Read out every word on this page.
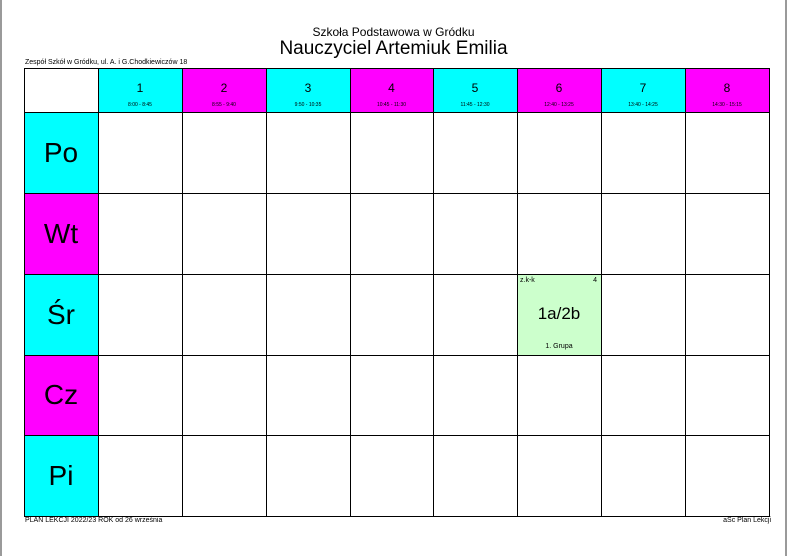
Szkoła Podstawowa w Gródku
Nauczyciel Artemiuk Emilia
Zespół Szkół w Gródku, ul. A. i G.Chodkiewiczów 18
1
8:00 - 8:45
2
8:55 - 9:40
3
9:50 - 10:35
4
10:45 - 11:30
5
11:45 - 12:30
6
12:40 - 13:25
7
13:40 - 14:25
8
14:30 - 15:15
Po
Wt
Śr
Cz
Pi
z.k-k	4
1a/2b
1. Grupa
PLAN LEKCJI 2022/23 ROK od 26 września	aSc Plan Lekcji
